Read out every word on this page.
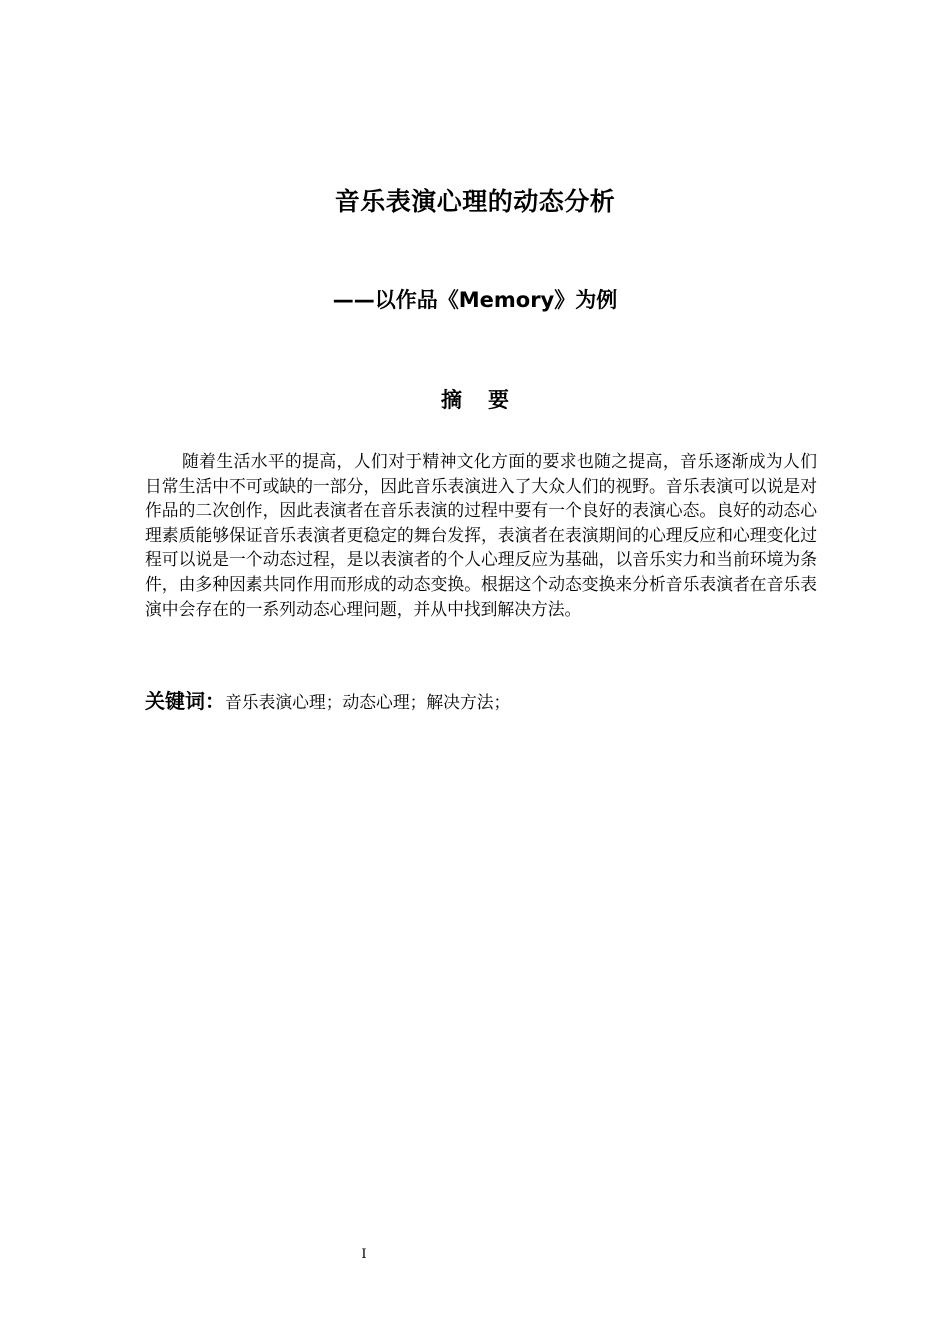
音乐表演心理的动态分析
——以作品《Memory》为例
摘要
随着生活水平的提高，人们对于精神文化方面的要求也随之提高，音乐逐渐成为人们日常生活中不可或缺的一部分，因此音乐表演进入了大众人们的视野。音乐表演可以说是对作品的二次创作，因此表演者在音乐表演的过程中要有一个良好的表演心态。良好的动态心理素质能够保证音乐表演者更稳定的舞台发挥，表演者在表演期间的心理反应和心理变化过程可以说是一个动态过程，是以表演者的个人心理反应为基础，以音乐实力和当前环境为条件，由多种因素共同作用而形成的动态变换。根据这个动态变换来分析音乐表演者在音乐表演中会存在的一系列动态心理问题，并从中找到解决方法。
关键词：音乐表演心理；动态心理；解决方法；
I
